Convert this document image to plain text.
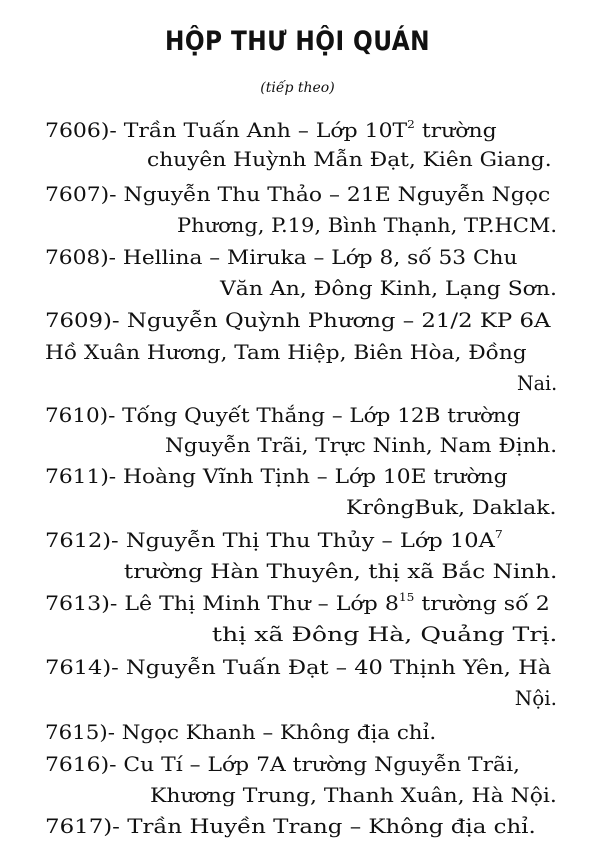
HỘP THƯ HỘI QUÁN
(tiếp theo)
7606)- Trần Tuấn Anh – Lớp $10T^2$ trường
chuyên Huỳnh Mẫn Đạt, Kiên Giang.
7607)- Nguyễn Thu Thảo – 21E Nguyễn Ngọc
Phương, P.19, Bình Thạnh, TP.HCM.
7608)- Hellina – Miruka – Lớp 8, số 53 Chu
Văn An, Đông Kinh, Lạng Sơn.
7609)- Nguyễn Quỳnh Phương – 21/2 KP 6A
Hồ Xuân Hương, Tam Hiệp, Biên Hòa, Đồng
Nai.
7610)- Tống Quyết Thắng – Lớp 12B trường
Nguyễn Trãi, Trực Ninh, Nam Định.
7611)- Hoàng Vĩnh Tịnh – Lớp 10E trường
KrôngBuk, Daklak.
7612)- Nguyễn Thị Thu Thủy – Lớp $10A^7$
trường Hàn Thuyên, thị xã Bắc Ninh.
7613)- Lê Thị Minh Thư – Lớp $8^{15}$ trường số 2
thị xã Đông Hà, Quảng Trị.
7614)- Nguyễn Tuấn Đạt – 40 Thịnh Yên, Hà
Nội.
7615)- Ngọc Khanh – Không địa chỉ.
7616)- Cu Tí – Lớp 7A trường Nguyễn Trãi,
Khương Trung, Thanh Xuân, Hà Nội.
7617)- Trần Huyền Trang – Không địa chỉ.
